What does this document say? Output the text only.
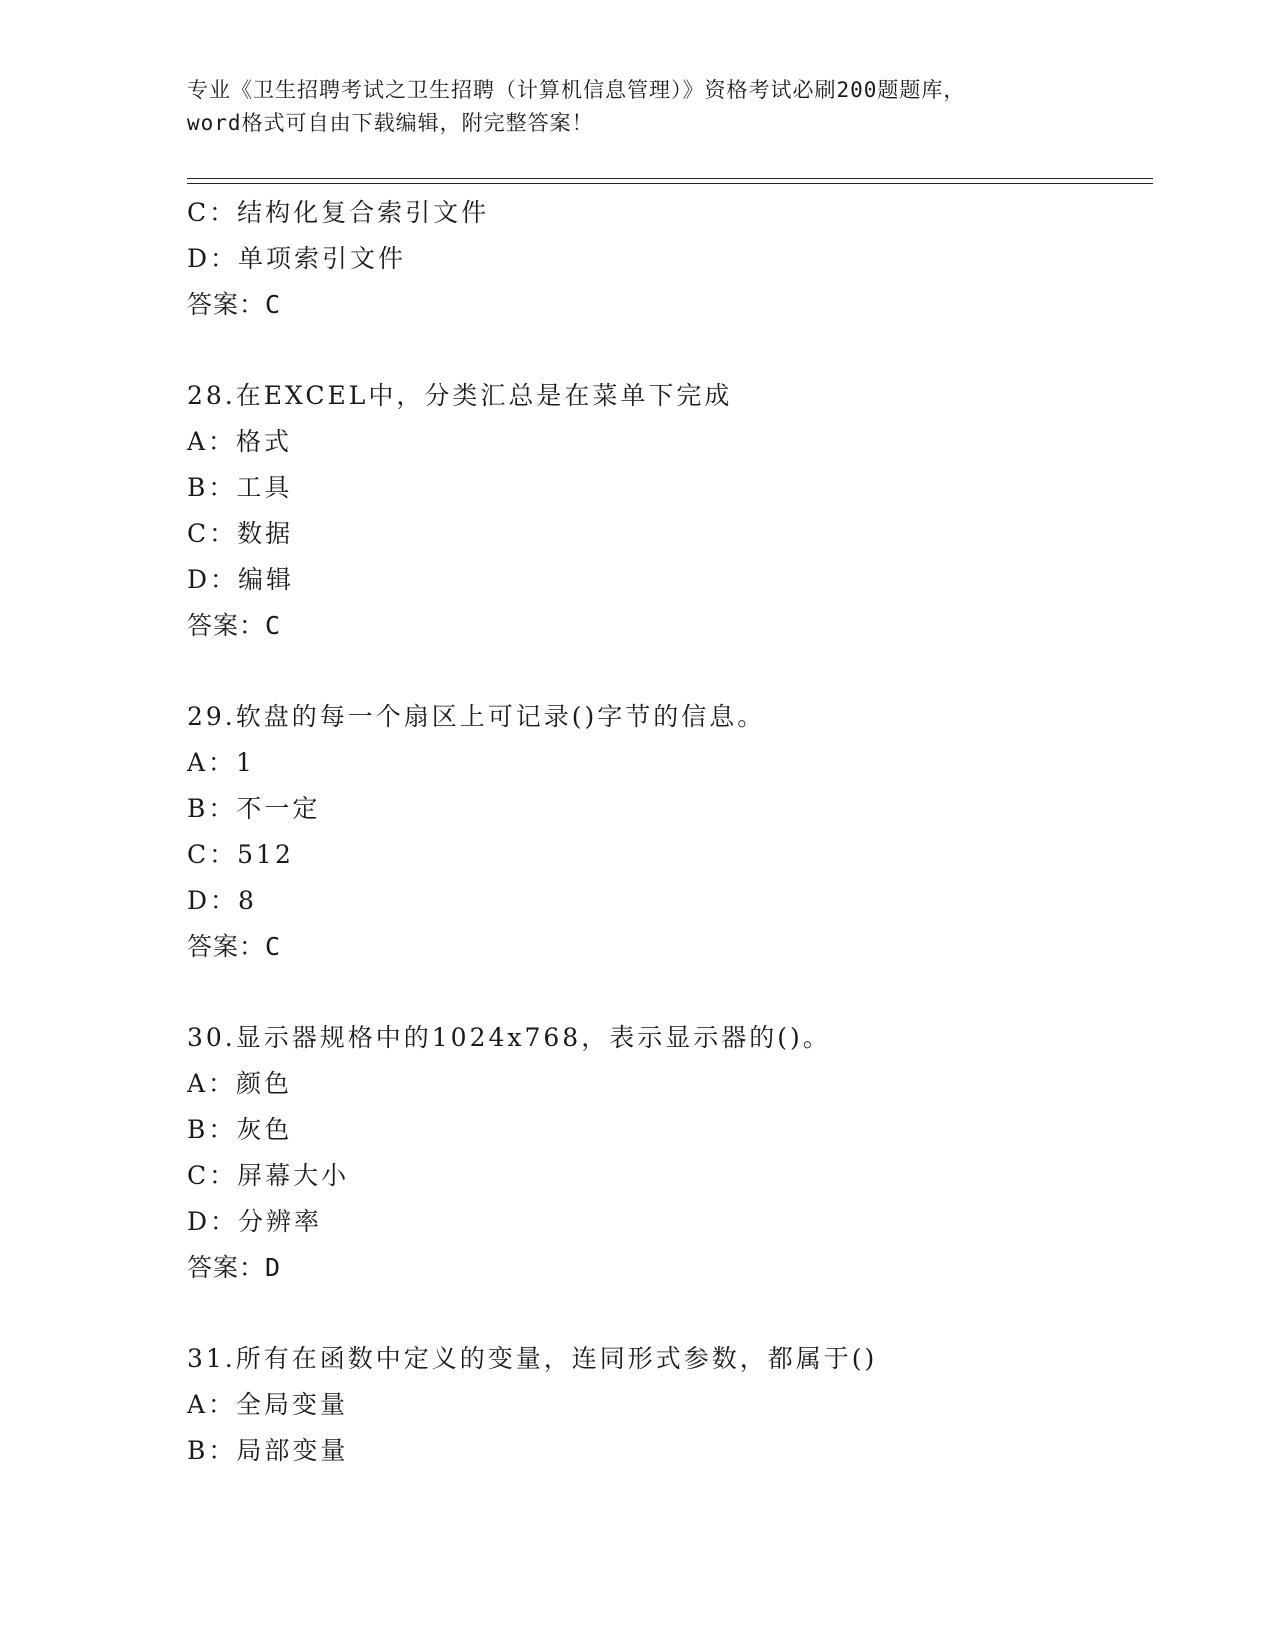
专业《卫生招聘考试之卫生招聘（计算机信息管理）》资格考试必刷200题题库，
word格式可自由下载编辑，附完整答案！
C：结构化复合索引文件
D：单项索引文件
答案：C
28.在EXCEL中，分类汇总是在菜单下完成
A：格式
B：工具
C：数据
D：编辑
答案：C
29.软盘的每一个扇区上可记录()字节的信息。
A：1
B：不一定
C：512
D：8
答案：C
30.显示器规格中的1024x768，表示显示器的()。
A：颜色
B：灰色
C：屏幕大小
D：分辨率
答案：D
31.所有在函数中定义的变量，连同形式参数，都属于()
A：全局变量
B：局部变量
